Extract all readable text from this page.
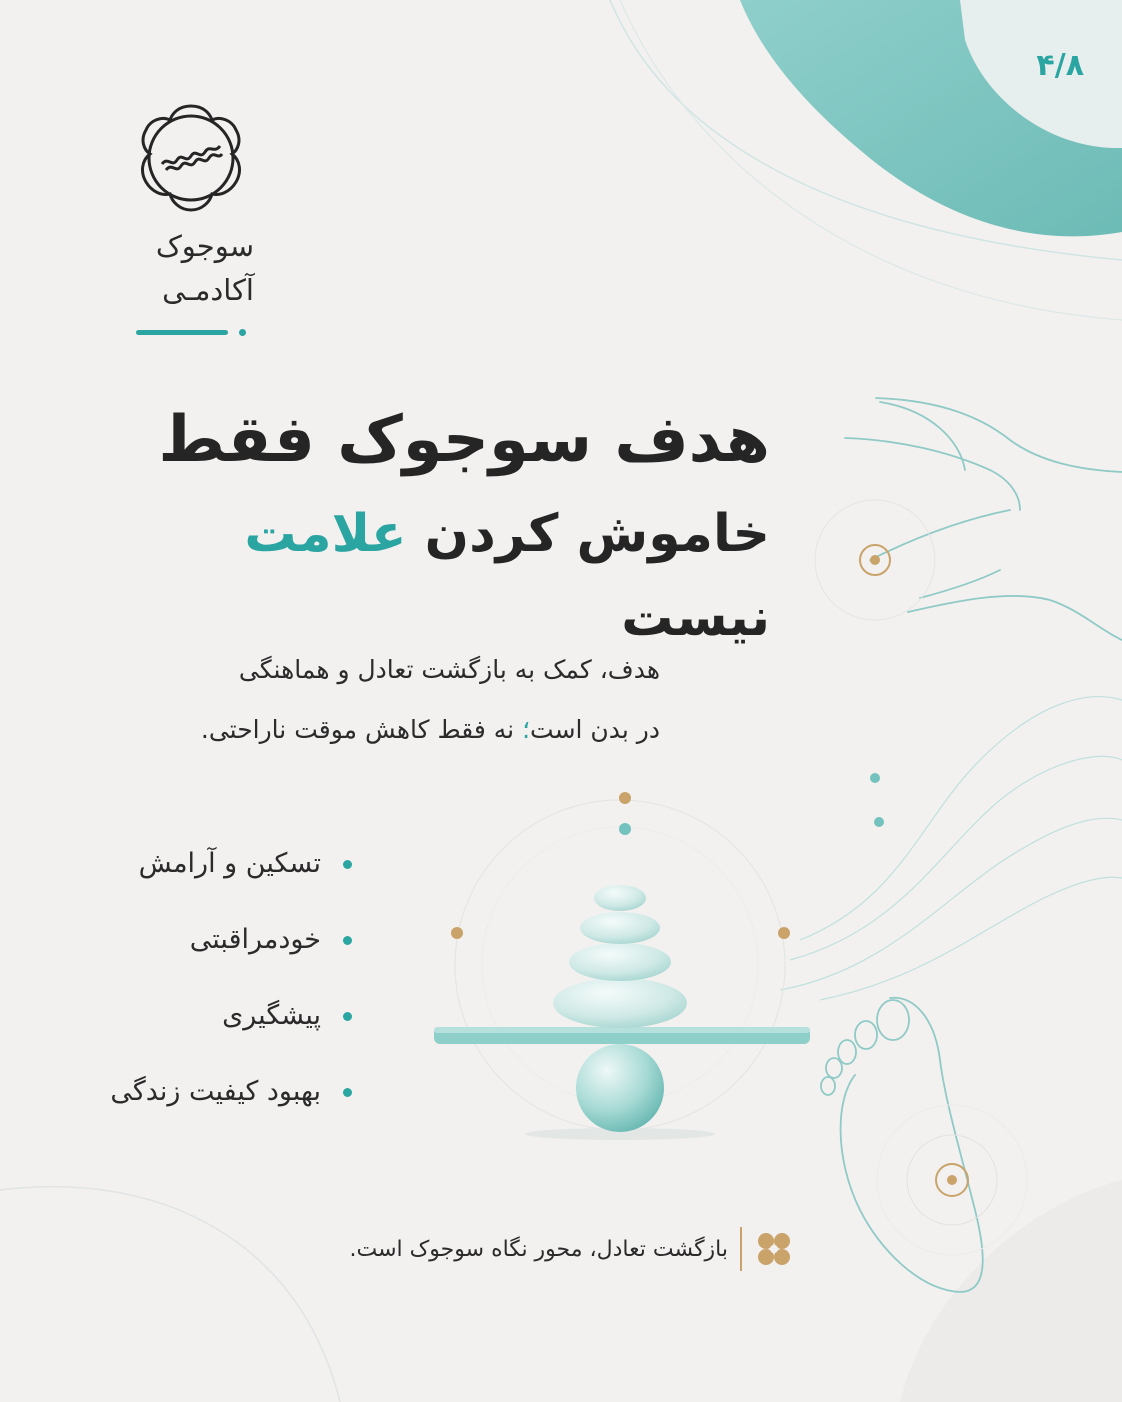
۴/۸
سوجوک
آکادمـی
هدف سوجوک فقط
خاموش کردن علامت نیست
هدف، کمک به بازگشت تعادل و هماهنگی
در بدن است؛ نه فقط کاهش موقت ناراحتی.
تسکین و آرامش
خودمراقبتی
پیشگیری
بهبود کیفیت زندگی
بازگشت تعادل، محور نگاه سوجوک است.
